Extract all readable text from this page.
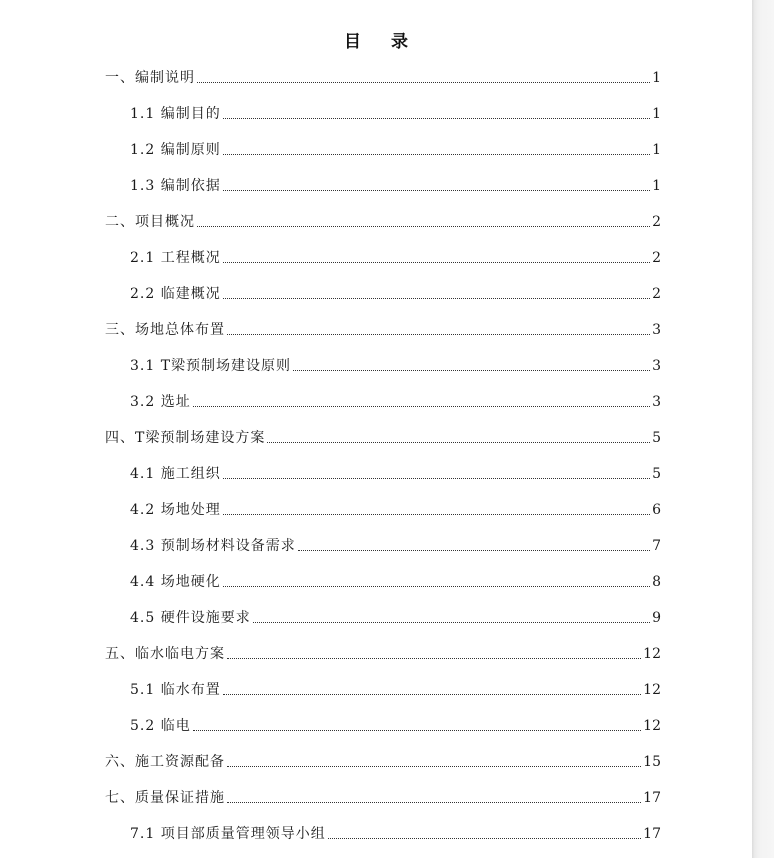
目 录
一、编制说明	1
1.1 编制目的	1
1.2 编制原则	1
1.3 编制依据	1
二、项目概况	2
2.1 工程概况	2
2.2 临建概况	2
三、场地总体布置	3
3.1 T梁预制场建设原则	3
3.2 选址	3
四、T梁预制场建设方案	5
4.1 施工组织	5
4.2 场地处理	6
4.3 预制场材料设备需求	7
4.4 场地硬化	8
4.5 硬件设施要求	9
五、临水临电方案	12
5.1 临水布置	12
5.2 临电	12
六、施工资源配备	15
七、质量保证措施	17
7.1 项目部质量管理领导小组	17
